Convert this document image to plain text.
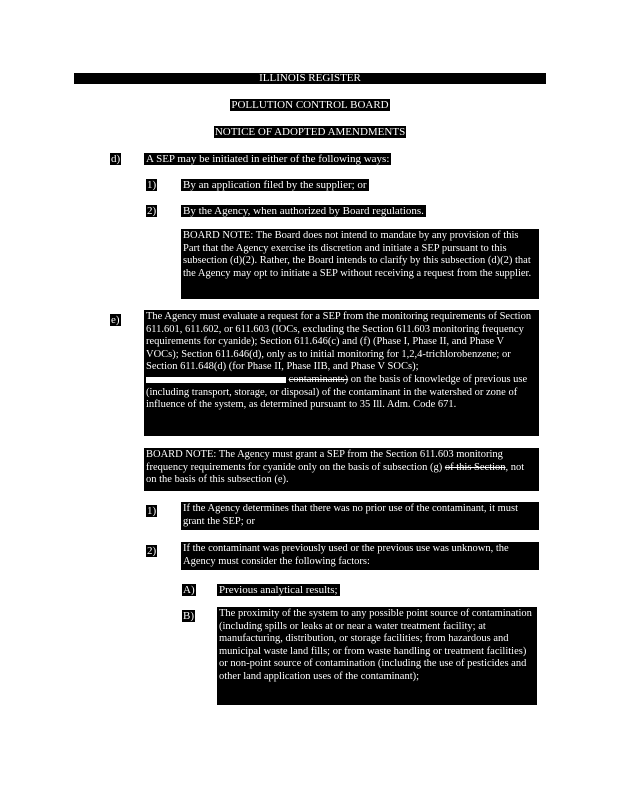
ILLINOIS REGISTER
POLLUTION CONTROL BOARD
NOTICE OF ADOPTED AMENDMENTS
d) A SEP may be initiated in either of the following ways:
1) By an application filed by the supplier; or
2) By the Agency, when authorized by Board regulations.
BOARD NOTE: The Board does not intend to mandate by any provision of this Part that the Agency exercise its discretion and initiate a SEP pursuant to this subsection (d)(2). Rather, the Board intends to clarify by this subsection (d)(2) that the Agency may opt to initiate a SEP without receiving a request from the supplier.
e)	The Agency must evaluate a request for a SEP from the monitoring requirements of Section 611.601, 611.602, or 611.603 (IOCs, excluding the Section 611.603 monitoring frequency requirements for cyanide); Section 611.646(c) and (f) (Phase I, Phase II, and Phase V VOCs); Section 611.646(d), only as to initial monitoring for 1,2,4-trichlorobenzene; or Section 611.648(d) (for Phase II, Phase IIB, and Phase V SOCs);  contaminants) on the basis of knowledge of previous use (including transport, storage, or disposal) of the contaminant in the watershed or zone of influence of the system, as determined pursuant to 35 Ill. Adm. Code 671.
BOARD NOTE: The Agency must grant a SEP from the Section 611.603 monitoring frequency requirements for cyanide only on the basis of subsection (g) of this Section, not on the basis of this subsection (e).
1)	If the Agency determines that there was no prior use of the contaminant, it must grant the SEP; or
2)	If the contaminant was previously used or the previous use was unknown, the Agency must consider the following factors:
A) Previous analytical results;
B) The proximity of the system to any possible point source of contamination (including spills or leaks at or near a water treatment facility; at manufacturing, distribution, or storage facilities; from hazardous and municipal waste land fills; or from waste handling or treatment facilities) or non-point source of contamination (including the use of pesticides and other land application uses of the contaminant);
